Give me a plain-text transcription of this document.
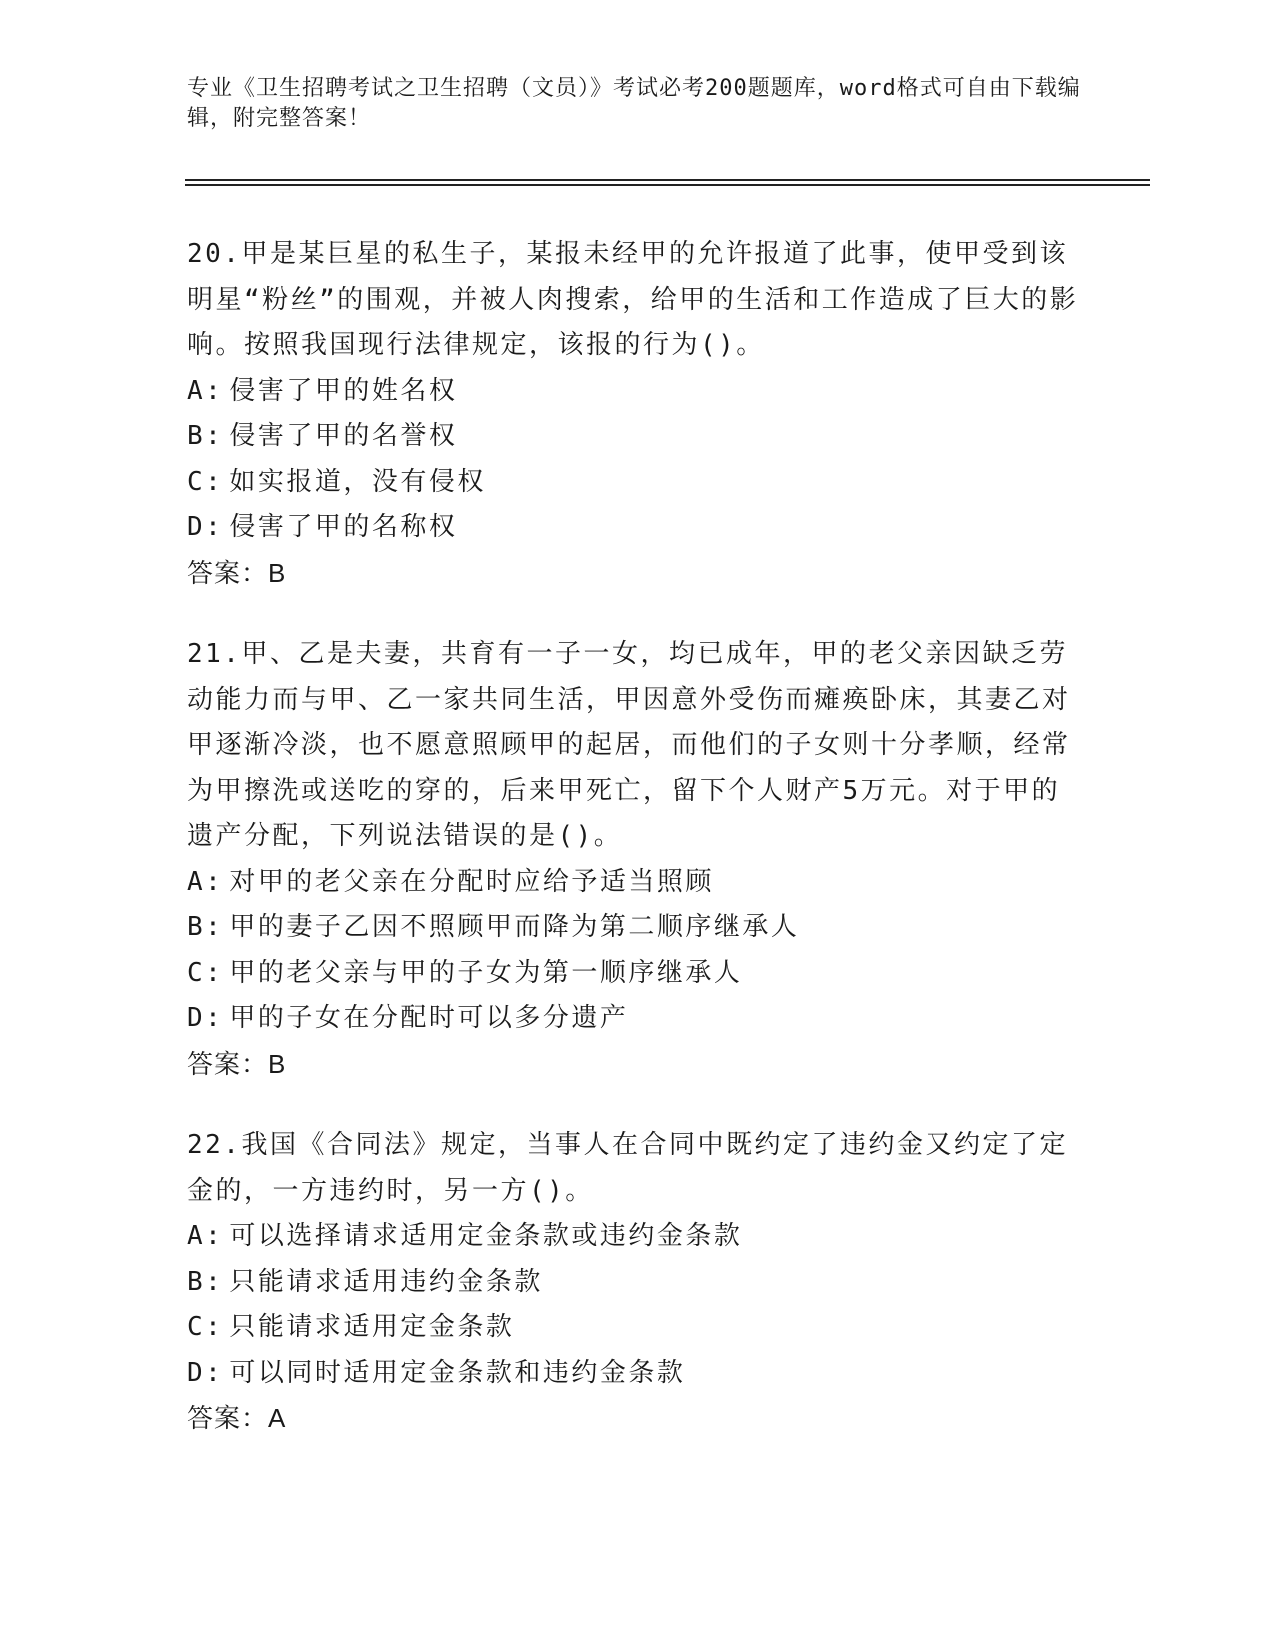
专业《卫生招聘考试之卫生招聘（文员）》考试必考200题题库，word格式可自由下载编辑，附完整答案！
20.甲是某巨星的私生子，某报未经甲的允许报道了此事，使甲受到该明星“粉丝”的围观，并被人肉搜索，给甲的生活和工作造成了巨大的影响。按照我国现行法律规定，该报的行为()。
A: 侵害了甲的姓名权
B: 侵害了甲的名誉权
C: 如实报道，没有侵权
D: 侵害了甲的名称权
答案：B
21.甲、乙是夫妻，共育有一子一女，均已成年，甲的老父亲因缺乏劳动能力而与甲、乙一家共同生活，甲因意外受伤而瘫痪卧床，其妻乙对甲逐渐冷淡，也不愿意照顾甲的起居，而他们的子女则十分孝顺，经常为甲擦洗或送吃的穿的，后来甲死亡，留下个人财产5万元。对于甲的遗产分配，下列说法错误的是()。
A: 对甲的老父亲在分配时应给予适当照顾
B: 甲的妻子乙因不照顾甲而降为第二顺序继承人
C: 甲的老父亲与甲的子女为第一顺序继承人
D: 甲的子女在分配时可以多分遗产
答案：B
22.我国《合同法》规定，当事人在合同中既约定了违约金又约定了定金的，一方违约时，另一方()。
A: 可以选择请求适用定金条款或违约金条款
B: 只能请求适用违约金条款
C: 只能请求适用定金条款
D: 可以同时适用定金条款和违约金条款
答案：A
